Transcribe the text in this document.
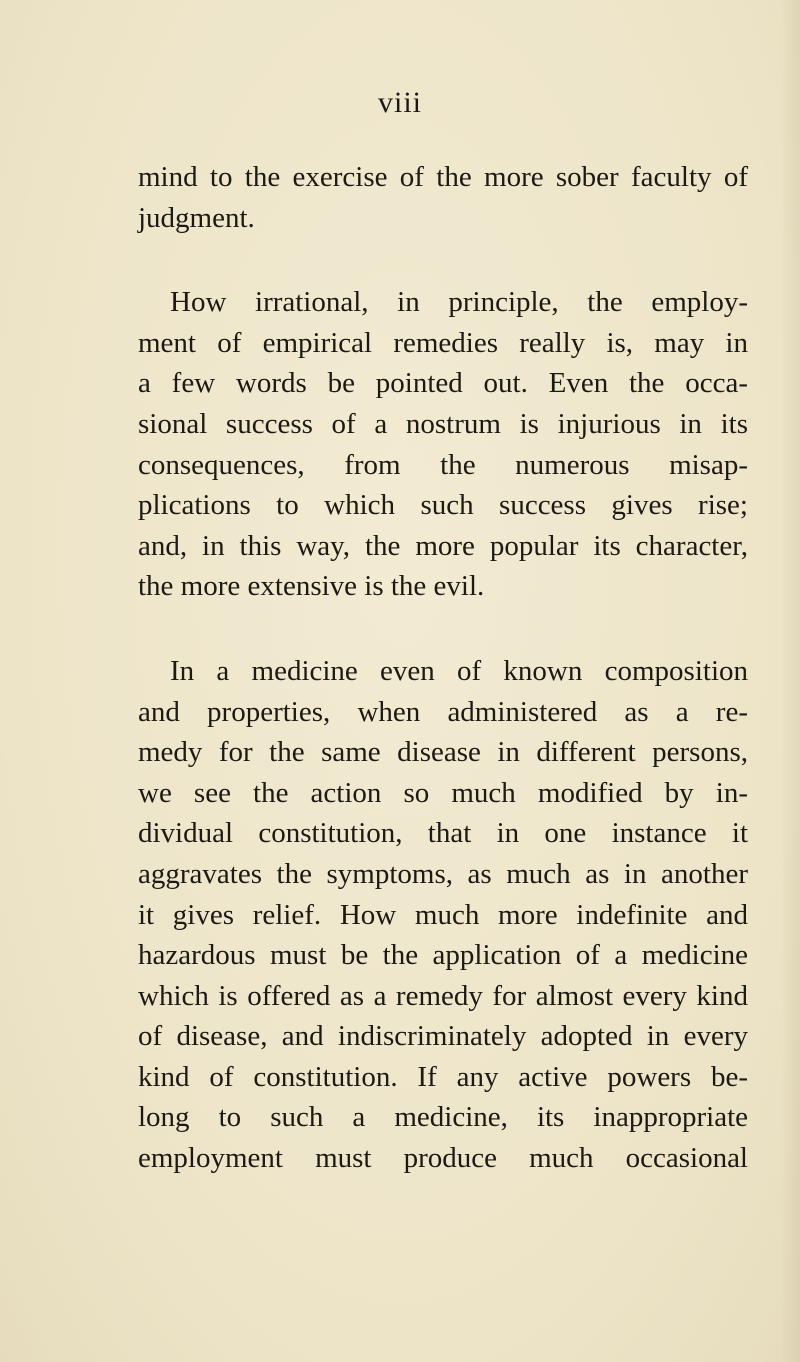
viii
mind to the exercise of the more sober faculty of
judgment.
How irrational, in principle, the employ-
ment of empirical remedies really is, may in
a few words be pointed out. Even the occa-
sional success of a nostrum is injurious in its
consequences, from the numerous misap-
plications to which such success gives rise;
and, in this way, the more popular its character,
the more extensive is the evil.
In a medicine even of known composition
and properties, when administered as a re-
medy for the same disease in different persons,
we see the action so much modified by in-
dividual constitution, that in one instance it
aggravates the symptoms, as much as in another
it gives relief. How much more indefinite and
hazardous must be the application of a medicine
which is offered as a remedy for almost every kind
of disease, and indiscriminately adopted in every
kind of constitution. If any active powers be-
long to such a medicine, its inappropriate
employment must produce much occasional
